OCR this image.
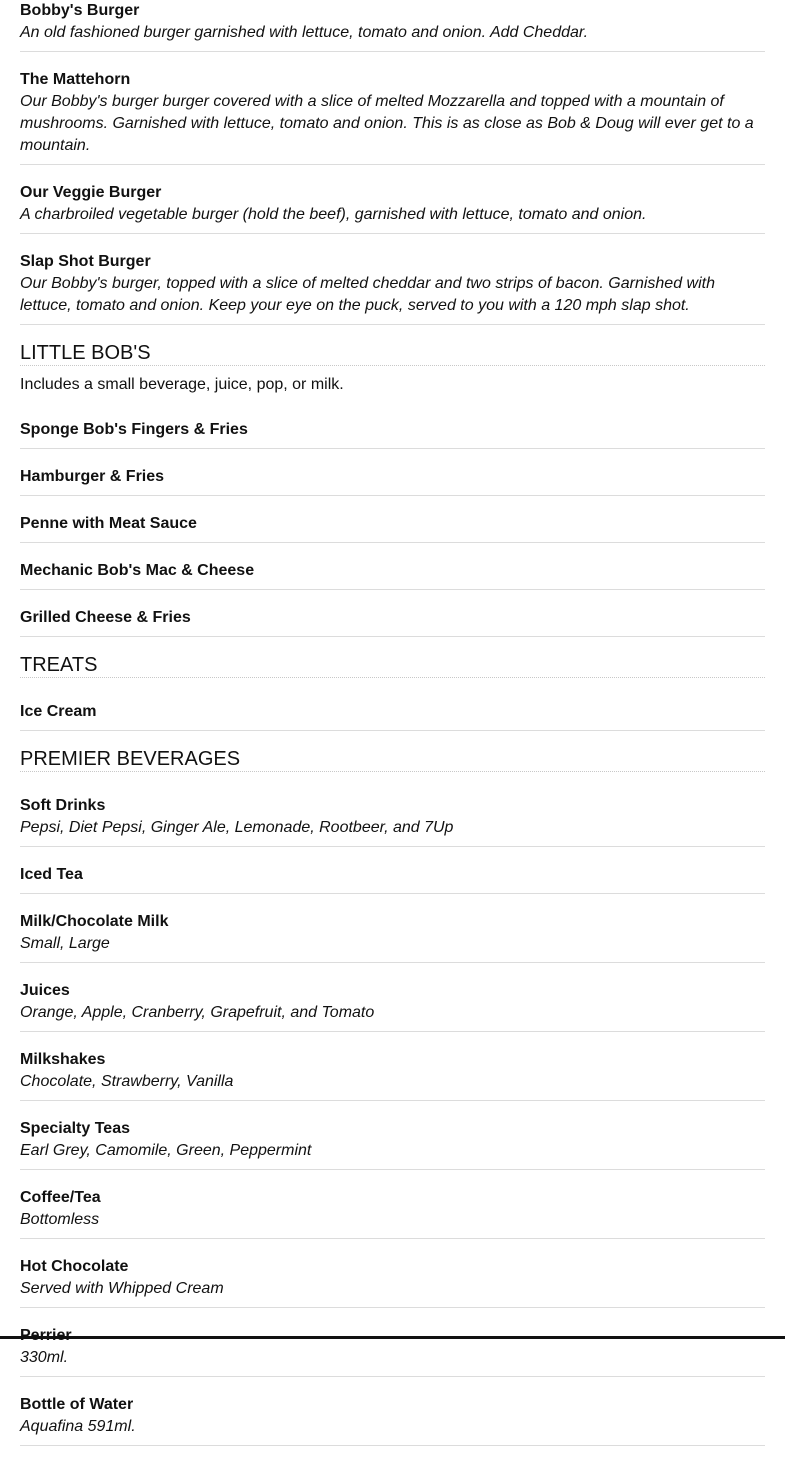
Bobby's Burger
An old fashioned burger garnished with lettuce, tomato and onion. Add Cheddar.
The Mattehorn
Our Bobby's burger burger covered with a slice of melted Mozzarella and topped with a mountain of mushrooms. Garnished with lettuce, tomato and onion. This is as close as Bob & Doug will ever get to a mountain.
Our Veggie Burger
A charbroiled vegetable burger (hold the beef), garnished with lettuce, tomato and onion.
Slap Shot Burger
Our Bobby's burger, topped with a slice of melted cheddar and two strips of bacon. Garnished with lettuce, tomato and onion. Keep your eye on the puck, served to you with a 120 mph slap shot.
LITTLE BOB'S
Includes a small beverage, juice, pop, or milk.
Sponge Bob's Fingers & Fries
Hamburger & Fries
Penne with Meat Sauce
Mechanic Bob's Mac & Cheese
Grilled Cheese & Fries
TREATS
Ice Cream
PREMIER BEVERAGES
Soft Drinks
Pepsi, Diet Pepsi, Ginger Ale, Lemonade, Rootbeer, and 7Up
Iced Tea
Milk/Chocolate Milk
Small, Large
Juices
Orange, Apple, Cranberry, Grapefruit, and Tomato
Milkshakes
Chocolate, Strawberry, Vanilla
Specialty Teas
Earl Grey, Camomile, Green, Peppermint
Coffee/Tea
Bottomless
Hot Chocolate
Served with Whipped Cream
330ml.
Bottle of Water
Aquafina 591ml.
